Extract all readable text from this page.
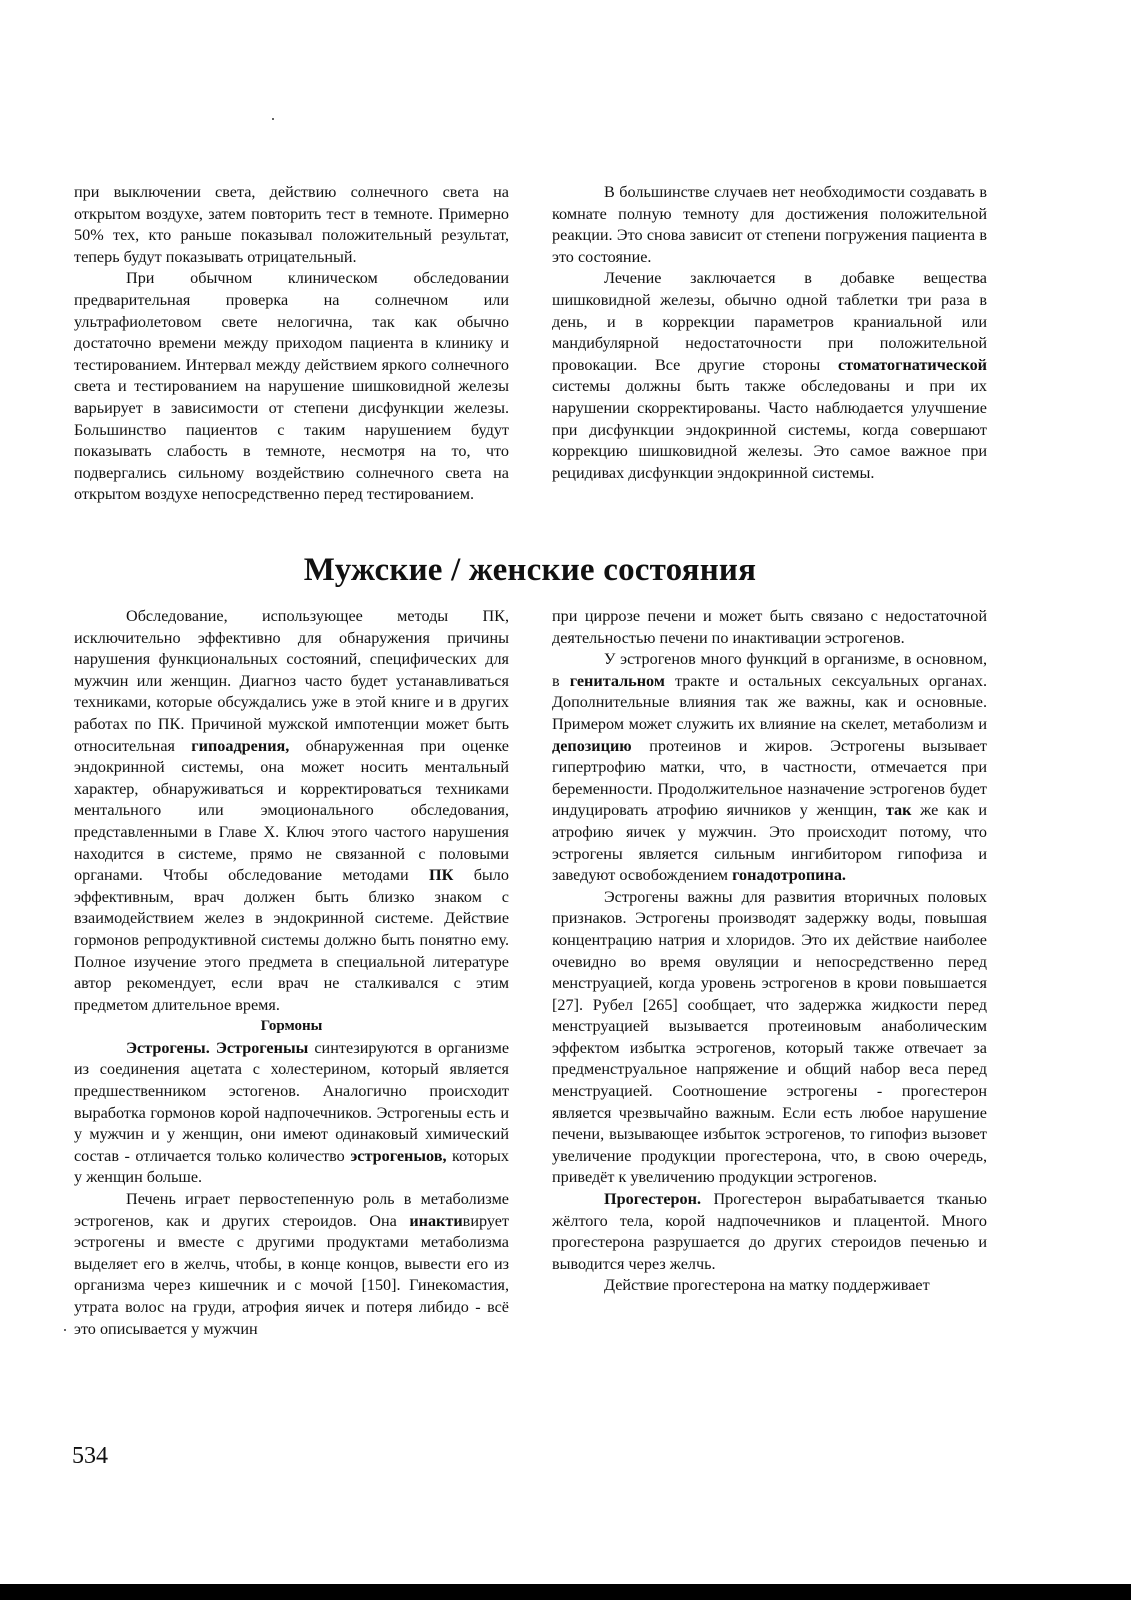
при выключении света, действию солнечного света на открытом воздухе, затем повторить тест в темноте. Примерно 50% тех, кто раньше показывал положительный результат, теперь будут показывать отрицательный.

При обычном клиническом обследовании предварительная проверка на солнечном или ультрафиолетовом свете нелогична, так как обычно достаточно времени между приходом пациента в клинику и тестированием. Интервал между действием яркого солнечного света и тестированием на нарушение шишковидной железы варьирует в зависимости от степени дисфункции железы. Большинство пациентов с таким нарушением будут показывать слабость в темноте, несмотря на то, что подвергались сильному воздействию солнечного света на открытом воздухе непосредственно перед тестированием.

В большинстве случаев нет необходимости создавать в комнате полную темноту для достижения положительной реакции. Это снова зависит от степени погружения пациента в это состояние.

Лечение заключается в добавке вещества шишковидной железы, обычно одной таблетки три раза в день, и в коррекции параметров краниальной или мандибулярной недостаточности при положительной провокации. Все другие стороны стоматогнатической системы должны быть также обследованы и при их нарушении скорректированы. Часто наблюдается улучшение при дисфункции эндокринной системы, когда совершают коррекцию шишковидной железы. Это самое важное при рецидивах дисфункции эндокринной системы.

Мужские / женские состояния

Обследование, использующее методы ПК, исключительно эффективно для обнаружения причины нарушения функциональных состояний, специфических для мужчин или женщин. Диагноз часто будет устанавливаться техниками, которые обсуждались уже в этой книге и в других работах по ПК. Причиной мужской импотенции может быть относительная гипоадрения, обнаруженная при оценке эндокринной системы, она может носить ментальный характер, обнаруживаться и корректироваться техниками ментального или эмоционального обследования, представленными в Главе X. Ключ этого частого нарушения находится в системе, прямо не связанной с половыми органами. Чтобы обследование методами ПК было эффективным, врач должен быть близко знаком с взаимодействием желез в эндокринной системе. Действие гормонов репродуктивной системы должно быть понятно ему. Полное изучение этого предмета в специальной литературе автор рекомендует, если врач не сталкивался с этим предметом длительное время.

Гормоны

Эстрогены. Эстрогеныы синтезируются в организме из соединения ацетата с холестерином, который является предшественником эстогенов. Аналогично происходит выработка гормонов корой надпочечников. Эстрогеныы есть и у мужчин и у женщин, они имеют одинаковый химический состав - отличается только количество эстрогеныов, которых у женщин больше.

Печень играет первостепенную роль в метаболизме эстрогенов, как и других стероидов. Она инактивирует эстрогены и вместе с другими продуктами метаболизма выделяет его в желчь, чтобы, в конце концов, вывести его из организма через кишечник и с мочой [150]. Гинекомастия, утрата волос на груди, атрофия яичек и потеря либидо - всё это описывается у мужчин

при циррозе печени и может быть связано с недостаточной деятельностью печени по инактивации эстрогенов.

У эстрогенов много функций в организме, в основном, в генитальном тракте и остальных сексуальных органах. Дополнительные влияния так же важны, как и основные. Примером может служить их влияние на скелет, метаболизм и депозицию протеинов и жиров. Эстрогены вызывает гипертрофию матки, что, в частности, отмечается при беременности. Продолжительное назначение эстрогенов будет индуцировать атрофию яичников у женщин, так же как и атрофию яичек у мужчин. Это происходит потому, что эстрогены является сильным ингибитором гипофиза и заведуют освобождением гонадотропина.

Эстрогены важны для развития вторичных половых признаков. Эстрогены производят задержку воды, повышая концентрацию натрия и хлоридов. Это их действие наиболее очевидно во время овуляции и непосредственно перед менструацией, когда уровень эстрогенов в крови повышается [27]. Рубел [265] сообщает, что задержка жидкости перед менструацией вызывается протеиновым анаболическим эффектом избытка эстрогенов, который также отвечает за предменструальное напряжение и общий набор веса перед менструацией. Соотношение эстрогены - прогестерон является чрезвычайно важным. Если есть любое нарушение печени, вызывающее избыток эстрогенов, то гипофиз вызовет увеличение продукции прогестерона, что, в свою очередь, приведёт к увеличению продукции эстрогенов.

Прогестерон. Прогестерон вырабатывается тканью жёлтого тела, корой надпочечников и плацентой. Много прогестерона разрушается до других стероидов печенью и выводится через желчь.

Действие прогестерона на матку поддерживает

534
